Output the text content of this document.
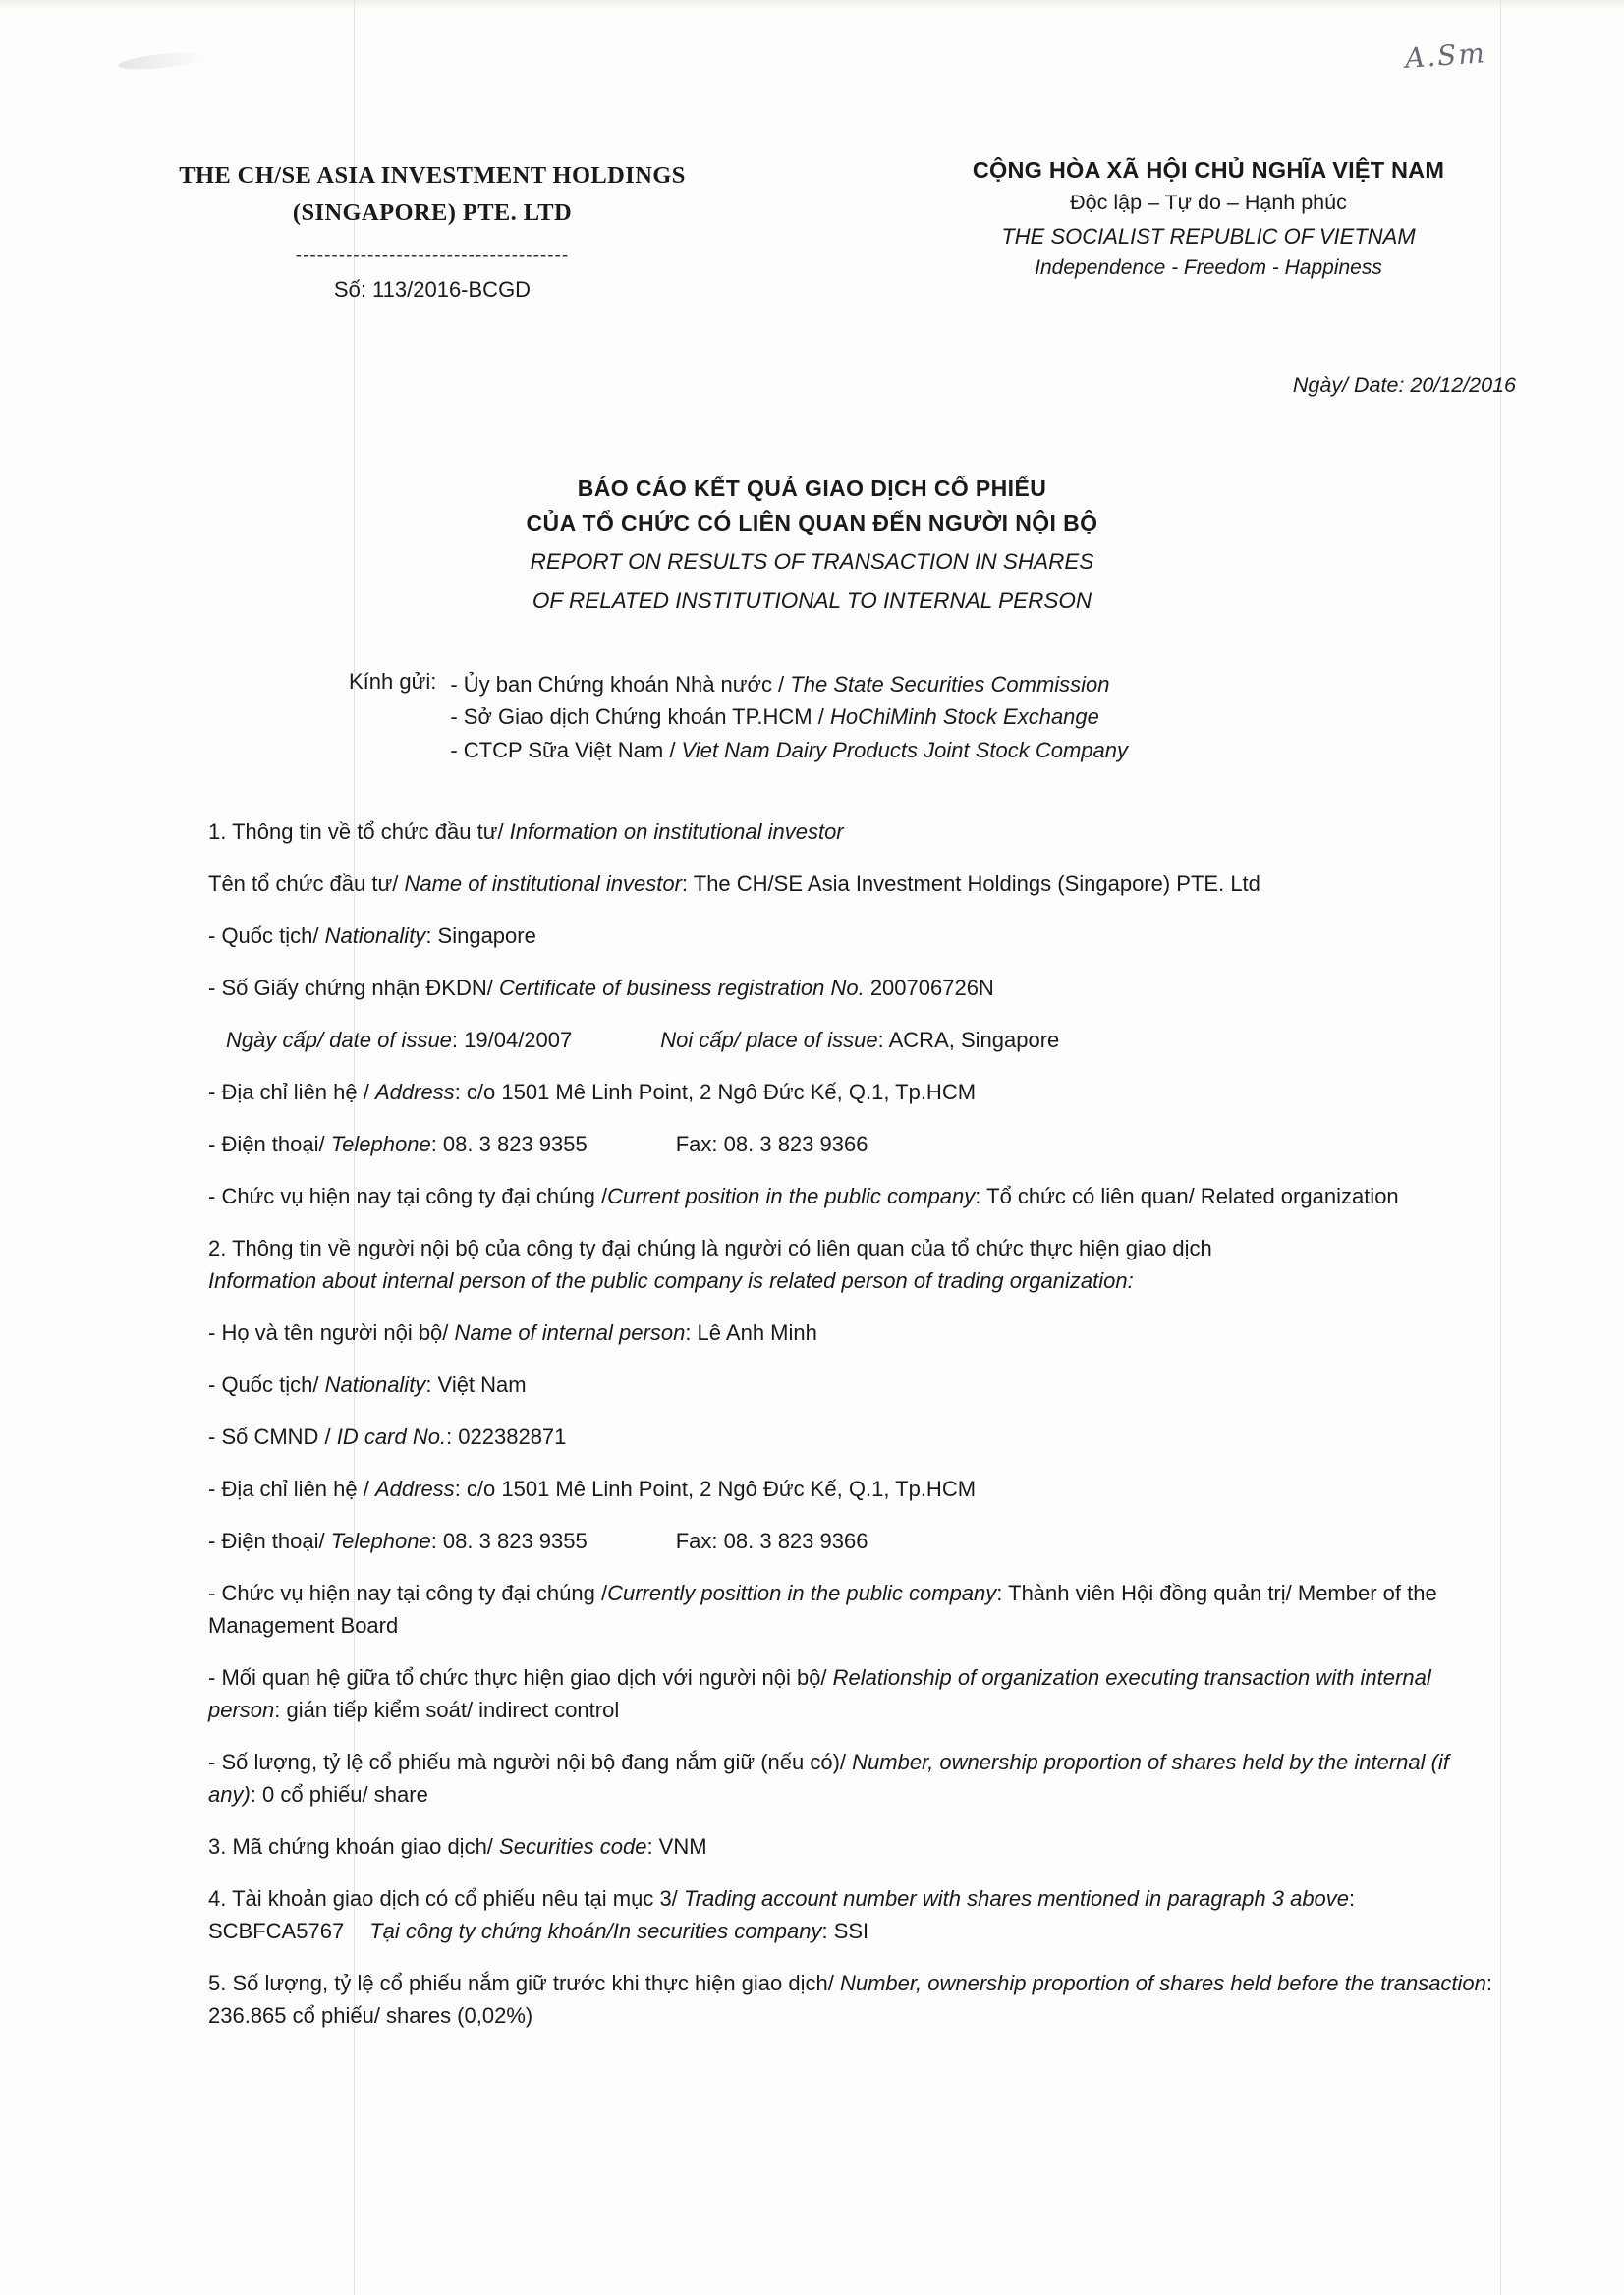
A.Sm
THE CH/SE ASIA INVESTMENT HOLDINGS
(SINGAPORE) PTE. LTD
--------------------------------------
Số: 113/2016-BCGD
CỘNG HÒA XÃ HỘI CHỦ NGHĨA VIỆT NAM
Độc lập – Tự do – Hạnh phúc
THE SOCIALIST REPUBLIC OF VIETNAM
Independence - Freedom - Happiness
Ngày/ Date: 20/12/2016
BÁO CÁO KẾT QUẢ GIAO DỊCH CỔ PHIẾU
CỦA TỔ CHỨC CÓ LIÊN QUAN ĐẾN NGƯỜI NỘI BỘ
REPORT ON RESULTS OF TRANSACTION IN SHARES
OF RELATED INSTITUTIONAL TO INTERNAL PERSON
Kính gửi: - Ủy ban Chứng khoán Nhà nước / The State Securities Commission
- Sở Giao dịch Chứng khoán TP.HCM / HoChiMinh Stock Exchange
- CTCP Sữa Việt Nam / Viet Nam Dairy Products Joint Stock Company
1. Thông tin về tổ chức đầu tư/ Information on institutional investor
Tên tổ chức đầu tư/ Name of institutional investor: The CH/SE Asia Investment Holdings (Singapore) PTE. Ltd
- Quốc tịch/ Nationality: Singapore
- Số Giấy chứng nhận ĐKDN/ Certificate of business registration No. 200706726N
Ngày cấp/ date of issue: 19/04/2007	Noi cấp/ place of issue: ACRA, Singapore
- Địa chỉ liên hệ / Address: c/o 1501 Mê Linh Point, 2 Ngô Đức Kế, Q.1, Tp.HCM
- Điện thoại/ Telephone: 08. 3 823 9355	Fax: 08. 3 823 9366
- Chức vụ hiện nay tại công ty đại chúng /Current position in the public company: Tổ chức có liên quan/ Related organization
2. Thông tin về người nội bộ của công ty đại chúng là người có liên quan của tổ chức thực hiện giao dịch
Information about internal person of the public company is related person of trading organization:
- Họ và tên người nội bộ/ Name of internal person: Lê Anh Minh
- Quốc tịch/ Nationality: Việt Nam
- Số CMND / ID card No.: 022382871
- Địa chỉ liên hệ / Address: c/o 1501 Mê Linh Point, 2 Ngô Đức Kế, Q.1, Tp.HCM
- Điện thoại/ Telephone: 08. 3 823 9355	Fax: 08. 3 823 9366
- Chức vụ hiện nay tại công ty đại chúng /Currently posittion in the public company: Thành viên Hội đồng quản trị/ Member of the Management Board
- Mối quan hệ giữa tổ chức thực hiện giao dịch với người nội bộ/ Relationship of organization executing transaction with internal person: gián tiếp kiểm soát/ indirect control
- Số lượng, tỷ lệ cổ phiếu mà người nội bộ đang nắm giữ (nếu có)/ Number, ownership proportion of shares held by the internal (if any): 0 cổ phiếu/ share
3. Mã chứng khoán giao dịch/ Securities code: VNM
4. Tài khoản giao dịch có cổ phiếu nêu tại mục 3/ Trading account number with shares mentioned in paragraph 3 above: SCBFCA5767 Tại công ty chứng khoán/In securities company: SSI
5. Số lượng, tỷ lệ cổ phiếu nắm giữ trước khi thực hiện giao dịch/ Number, ownership proportion of shares held before the transaction: 236.865 cổ phiếu/ shares (0,02%)
